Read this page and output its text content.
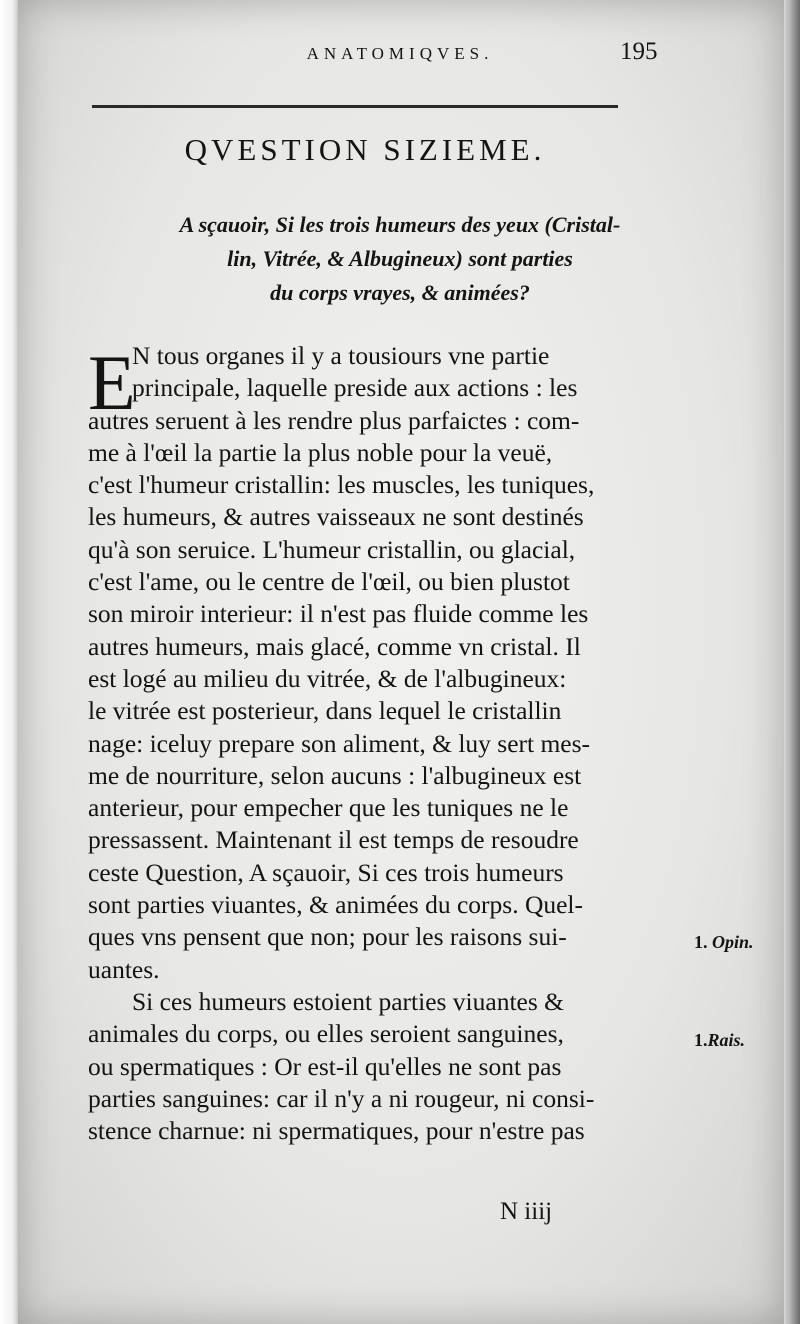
ANATOMIQVES.	195
QVESTION SIZIEME.
A sçauoir, Si les trois humeurs des yeux (Cristal-
lin, Vitrée, & Albugineux) sont parties
du corps vrayes, & animées?
E
N tous organes il y a tousiours vne partie
principale, laquelle preside aux actions : les
autres seruent à les rendre plus parfaictes : com-
me à l'œil la partie la plus noble pour la veuë,
c'est l'humeur cristallin: les muscles, les tuniques,
les humeurs, & autres vaisseaux ne sont destinés
qu'à son seruice. L'humeur cristallin, ou glacial,
c'est l'ame, ou le centre de l'œil, ou bien plustot
son miroir interieur: il n'est pas fluide comme les
autres humeurs, mais glacé, comme vn cristal. Il
est logé au milieu du vitrée, & de l'albugineux:
le vitrée est posterieur, dans lequel le cristallin
nage: iceluy prepare son aliment, & luy sert mes-
me de nourriture, selon aucuns : l'albugineux est
anterieur, pour empecher que les tuniques ne le
pressassent. Maintenant il est temps de resoudre
ceste Question, A sçauoir, Si ces trois humeurs
sont parties viuantes, & animées du corps. Quel-
ques vns pensent que non; pour les raisons sui-
uantes.
Si ces humeurs estoient parties viuantes &
animales du corps, ou elles seroient sanguines,
ou spermatiques : Or est-il qu'elles ne sont pas
parties sanguines: car il n'y a ni rougeur, ni consi-
stence charnue: ni spermatiques, pour n'estre pas
1. Opin.
1.Rais.
N iiij
